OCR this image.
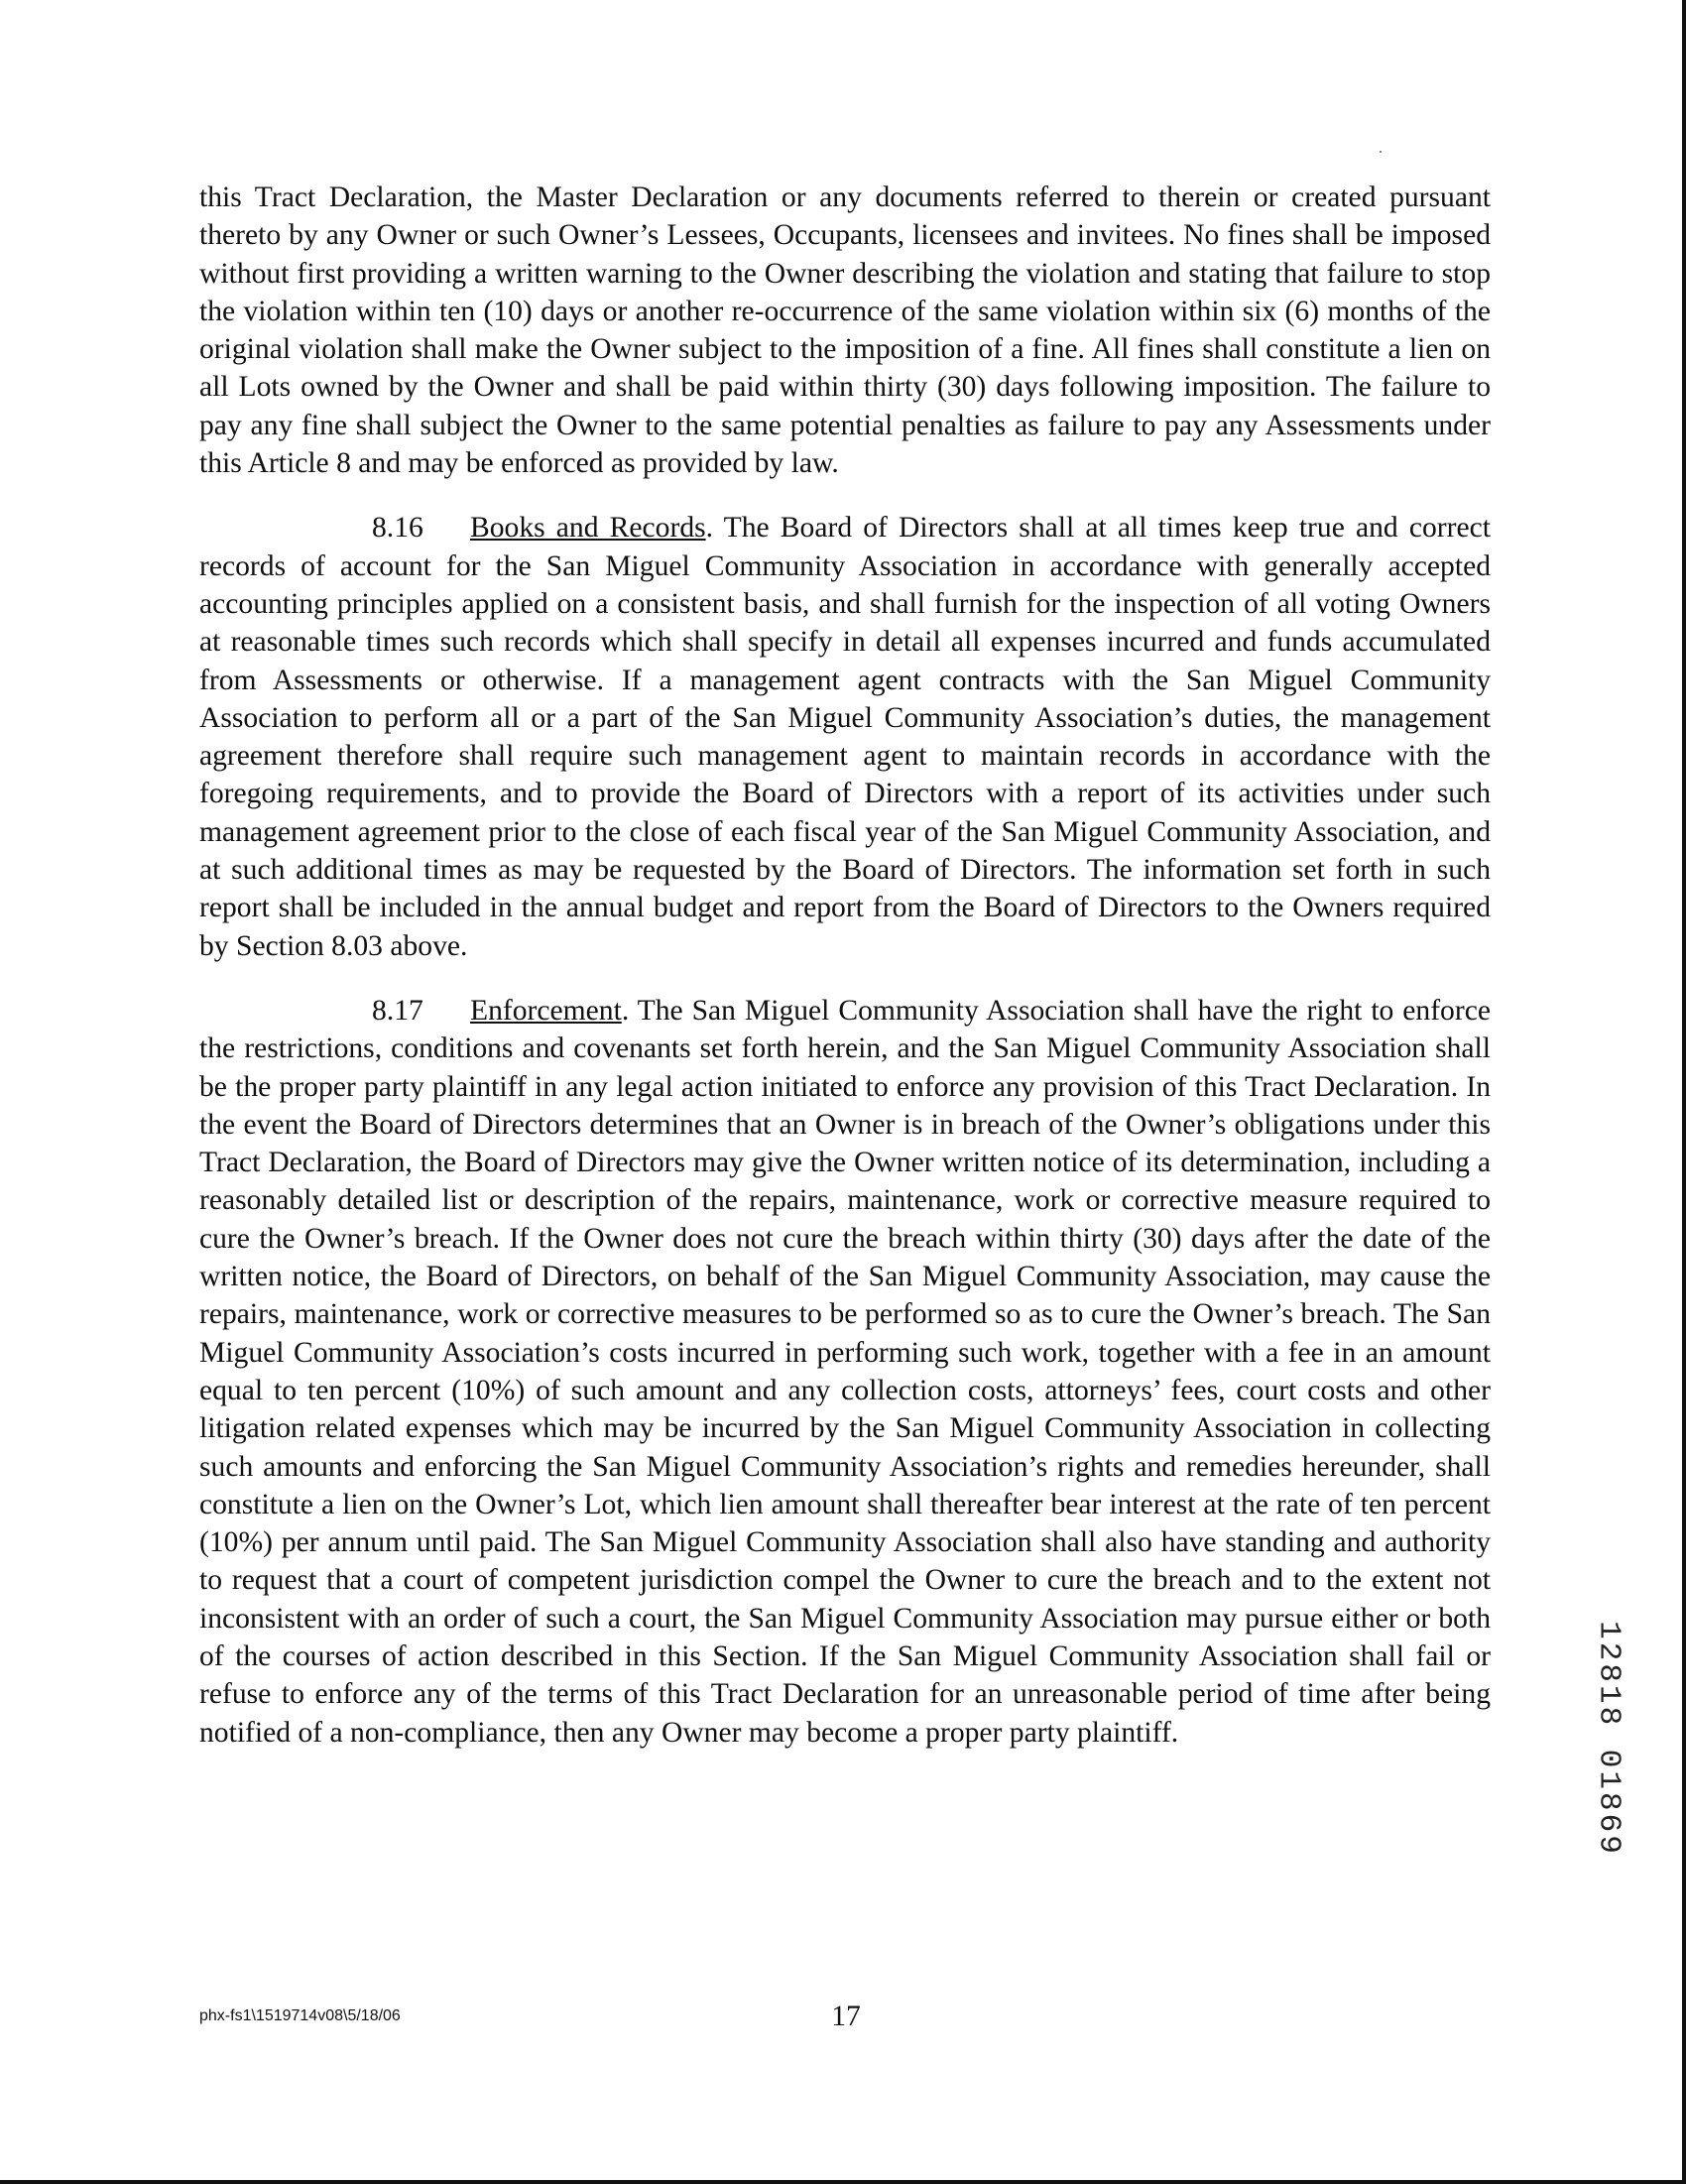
this Tract Declaration, the Master Declaration or any documents referred to therein or created pursuant thereto by any Owner or such Owner’s Lessees, Occupants, licensees and invitees. No fines shall be imposed without first providing a written warning to the Owner describing the violation and stating that failure to stop the violation within ten (10) days or another re-occurrence of the same violation within six (6) months of the original violation shall make the Owner subject to the imposition of a fine. All fines shall constitute a lien on all Lots owned by the Owner and shall be paid within thirty (30) days following imposition. The failure to pay any fine shall subject the Owner to the same potential penalties as failure to pay any Assessments under this Article 8 and may be enforced as provided by law.

8.16 Books and Records. The Board of Directors shall at all times keep true and correct records of account for the San Miguel Community Association in accordance with generally accepted accounting principles applied on a consistent basis, and shall furnish for the inspection of all voting Owners at reasonable times such records which shall specify in detail all expenses incurred and funds accumulated from Assessments or otherwise. If a management agent contracts with the San Miguel Community Association to perform all or a part of the San Miguel Community Association’s duties, the management agreement therefore shall require such management agent to maintain records in accordance with the foregoing requirements, and to provide the Board of Directors with a report of its activities under such management agreement prior to the close of each fiscal year of the San Miguel Community Association, and at such additional times as may be requested by the Board of Directors. The information set forth in such report shall be included in the annual budget and report from the Board of Directors to the Owners required by Section 8.03 above.

8.17 Enforcement. The San Miguel Community Association shall have the right to enforce the restrictions, conditions and covenants set forth herein, and the San Miguel Community Association shall be the proper party plaintiff in any legal action initiated to enforce any provision of this Tract Declaration. In the event the Board of Directors determines that an Owner is in breach of the Owner’s obligations under this Tract Declaration, the Board of Directors may give the Owner written notice of its determination, including a reasonably detailed list or description of the repairs, maintenance, work or corrective measure required to cure the Owner’s breach. If the Owner does not cure the breach within thirty (30) days after the date of the written notice, the Board of Directors, on behalf of the San Miguel Community Association, may cause the repairs, maintenance, work or corrective measures to be performed so as to cure the Owner’s breach. The San Miguel Community Association’s costs incurred in performing such work, together with a fee in an amount equal to ten percent (10%) of such amount and any collection costs, attorneys’ fees, court costs and other litigation related expenses which may be incurred by the San Miguel Community Association in collecting such amounts and enforcing the San Miguel Community Association’s rights and remedies hereunder, shall constitute a lien on the Owner’s Lot, which lien amount shall thereafter bear interest at the rate of ten percent (10%) per annum until paid. The San Miguel Community Association shall also have standing and authority to request that a court of competent jurisdiction compel the Owner to cure the breach and to the extent not inconsistent with an order of such a court, the San Miguel Community Association may pursue either or both of the courses of action described in this Section. If the San Miguel Community Association shall fail or refuse to enforce any of the terms of this Tract Declaration for an unreasonable period of time after being notified of a non-compliance, then any Owner may become a proper party plaintiff.

phx-fs1\1519714v08\5/18/06	17
12818 01869
